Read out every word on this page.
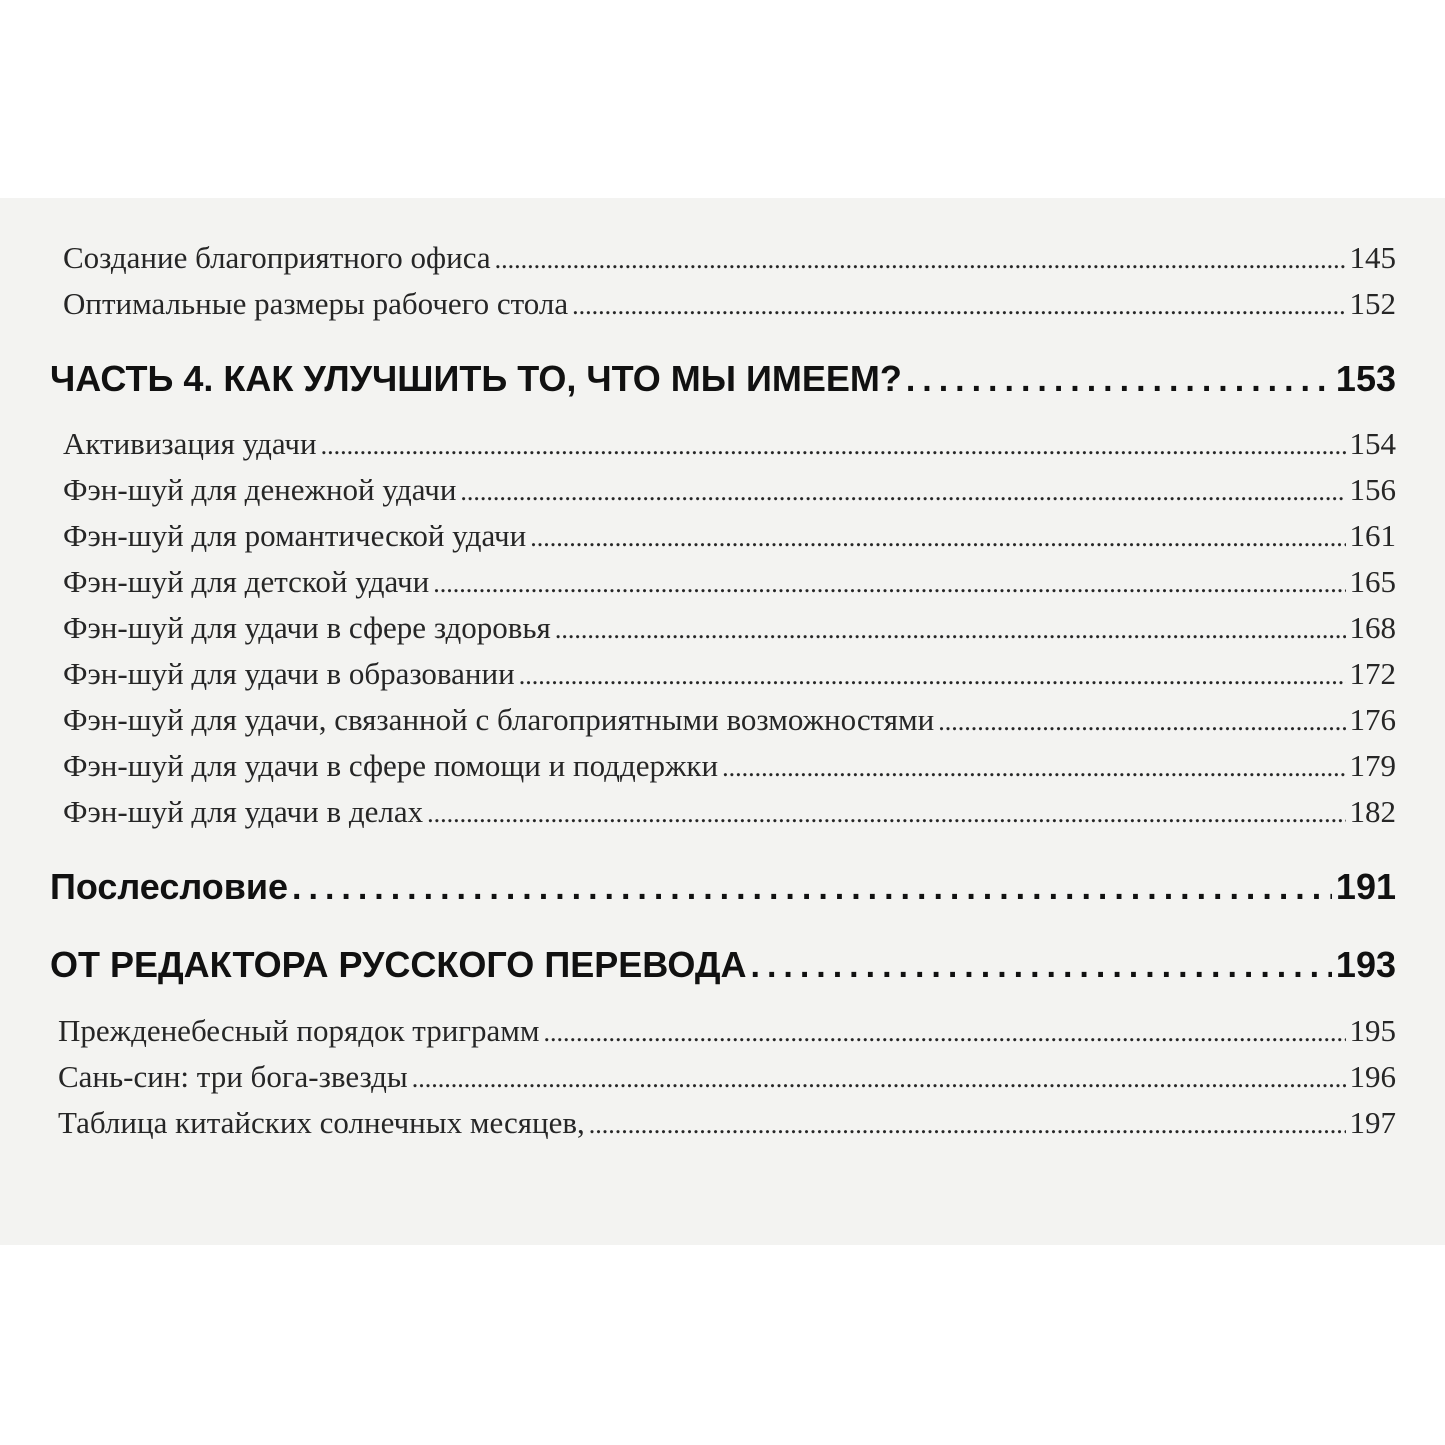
Создание благоприятного офиса .....	145
Оптимальные размеры рабочего стола .....	152
ЧАСТЬ 4. КАК УЛУЧШИТЬ ТО, ЧТО МЫ ИМЕЕМ? .....	153
Активизация удачи .....	154
Фэн-шуй для денежной удачи .....	156
Фэн-шуй для романтической удачи .....	161
Фэн-шуй для детской удачи .....	165
Фэн-шуй для удачи в сфере здоровья .....	168
Фэн-шуй для удачи в образовании .....	172
Фэн-шуй для удачи, связанной с благоприятными возможностями .....	176
Фэн-шуй для удачи в сфере помощи и поддержки .....	179
Фэн-шуй для удачи в делах .....	182
Послесловие .....	191
ОТ РЕДАКТОРА РУССКОГО ПЕРЕВОДА .....	193
Прежденебесный порядок триграмм .....	195
Сань-син: три бога-звезды .....	196
Таблица китайских солнечных месяцев, .....	197
